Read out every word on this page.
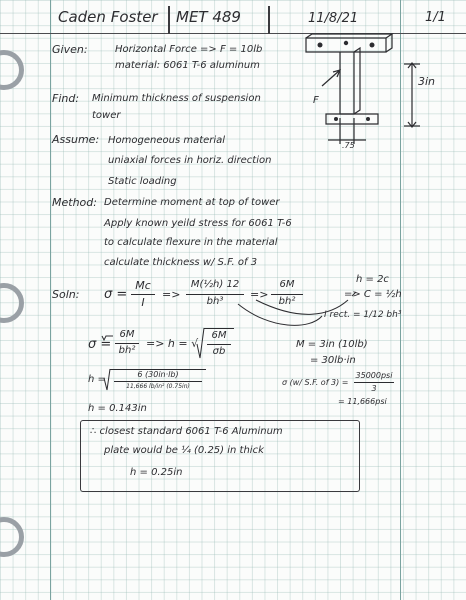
Caden Foster MET 489	11/8/21	1/1
Given:	Horizontal Force => F = 10lb
material: 6061 T-6 aluminum
3in
.75
F
Find: Minimum thickness of suspension
tower
Assume: Homogeneous material
uniaxial forces in horiz. direction
Static loading
Method: Determine moment at top of tower
Apply known yeild stress for 6061 T-6
to calculate flexure in the material
calculate thickness w/ S.F. of 3
Soln: σ =
Mc
I
=>
M(½h) 12
bh³
=>
6M
bh²
h = 2c
=> C = ½h
I rect. = 1/12 bh³
σ =
6M
bh²
=> h = √
6M
σb
M = 3in (10lb)
= 30lb·in
h =	6 (30in·lb)
11,666 lb/in² (0.75in)	σ (w/ S.F. of 3) =
35000psi
3
= 11,666psi
h = 0.143in
∴ closest standard 6061 T-6 Aluminum
plate would be ¼ (0.25) in thick
h = 0.25in
